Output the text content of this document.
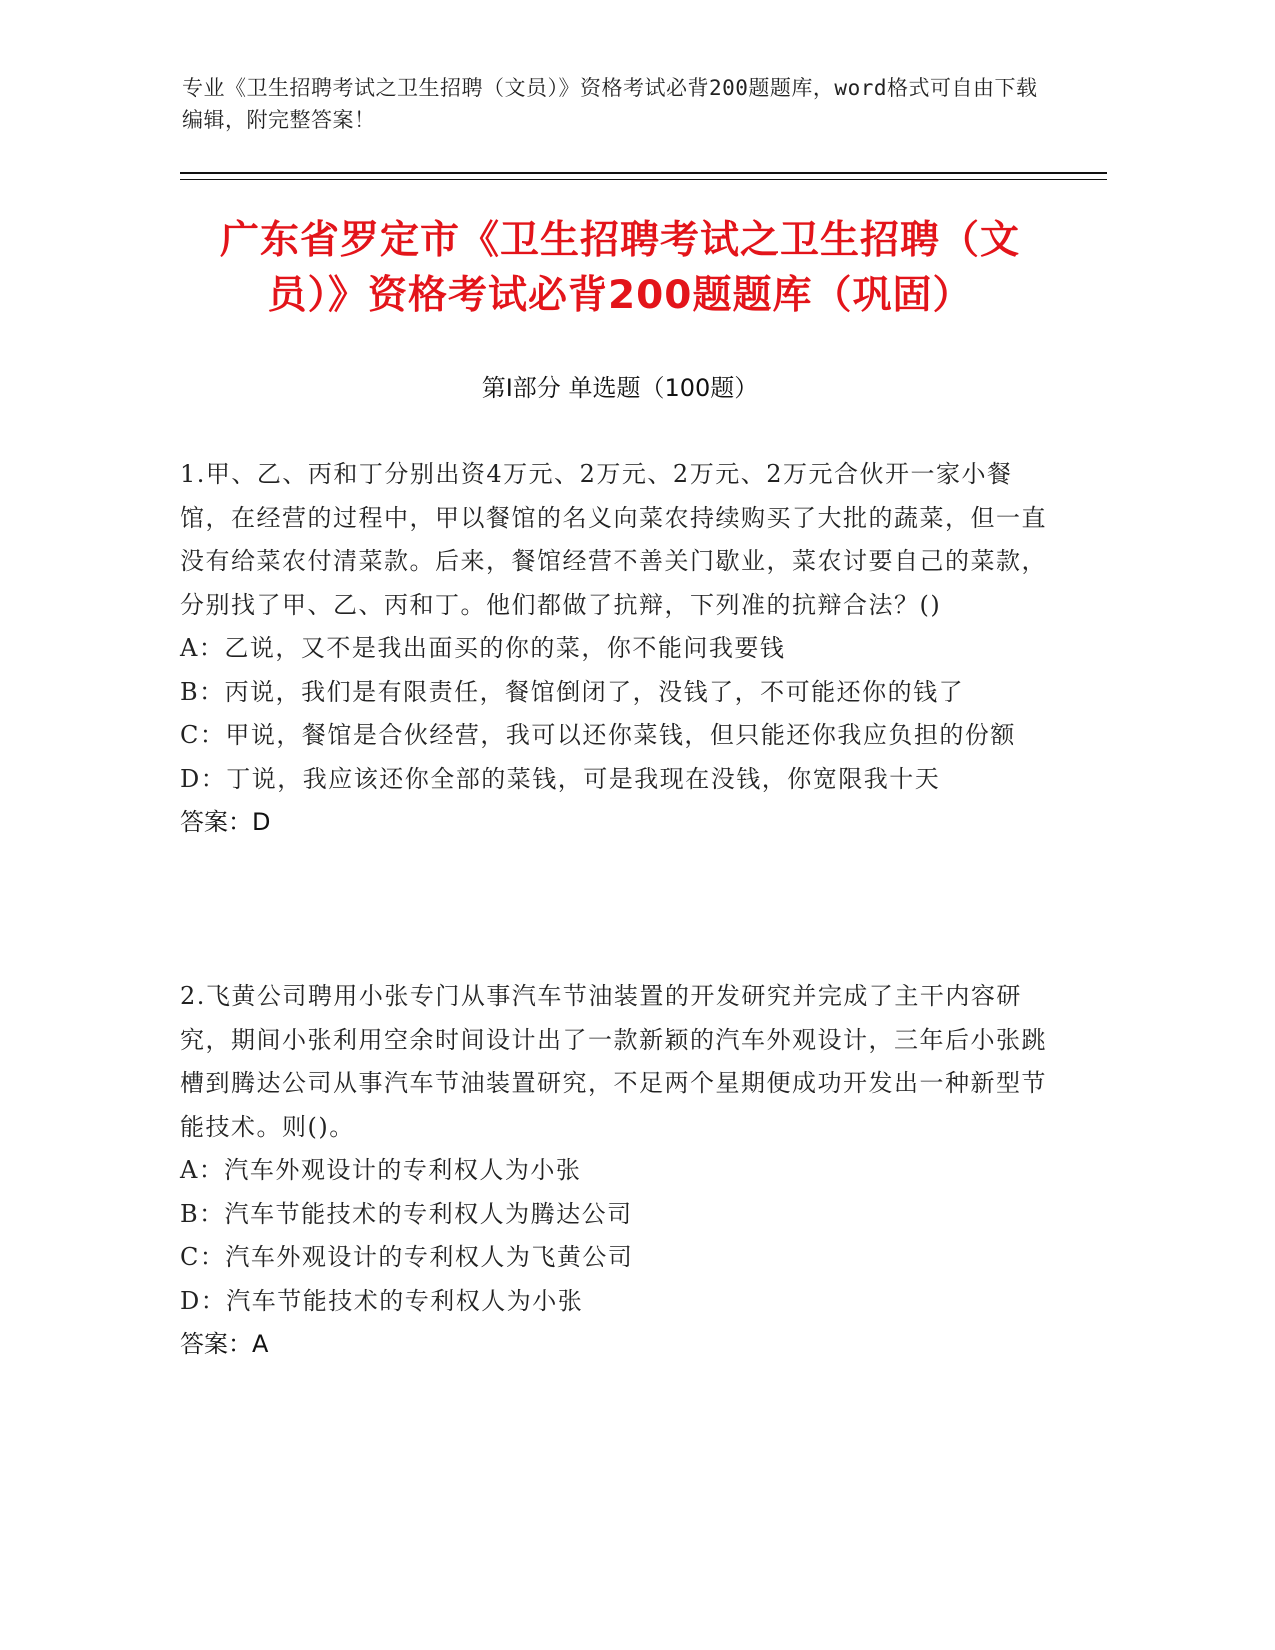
专业《卫生招聘考试之卫生招聘（文员）》资格考试必背200题题库，word格式可自由下载编辑，附完整答案！
广东省罗定市《卫生招聘考试之卫生招聘（文员）》资格考试必背200题题库（巩固）
第Ⅰ部分 单选题（100题）

1.甲、乙、丙和丁分别出资4万元、2万元、2万元、2万元合伙开一家小餐馆，在经营的过程中，甲以餐馆的名义向菜农持续购买了大批的蔬菜，但一直没有给菜农付清菜款。后来，餐馆经营不善关门歇业，菜农讨要自己的菜款，分别找了甲、乙、丙和丁。他们都做了抗辩，下列准的抗辩合法？()

A：乙说，又不是我出面买的你的菜，你不能问我要钱

B：丙说，我们是有限责任，餐馆倒闭了，没钱了，不可能还你的钱了

C：甲说，餐馆是合伙经营，我可以还你菜钱，但只能还你我应负担的份额

D：丁说，我应该还你全部的菜钱，可是我现在没钱，你宽限我十天

答案：D

2.飞黄公司聘用小张专门从事汽车节油装置的开发研究并完成了主干内容研究，期间小张利用空余时间设计出了一款新颖的汽车外观设计，三年后小张跳槽到腾达公司从事汽车节油装置研究，不足两个星期便成功开发出一种新型节能技术。则()。

A：汽车外观设计的专利权人为小张

B：汽车节能技术的专利权人为腾达公司

C：汽车外观设计的专利权人为飞黄公司

D：汽车节能技术的专利权人为小张

答案：A
